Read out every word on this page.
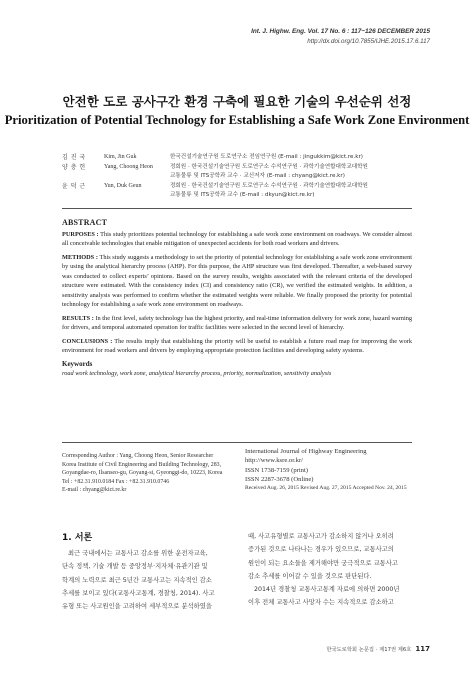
Int. J. Highw. Eng. Vol. 17 No. 6 : 117~126 DECEMBER 2015
http://dx.doi.org/10.7855/IJHE.2015.17.6.117
안전한 도로 공사구간 환경 구축에 필요한 기술의 우선순위 선정
Prioritization of Potential Technology for Establishing a Safe Work Zone Environment
김 진 국	Kim, Jin Guk	한국건설기술연구원 도로연구소 전임연구원 (E-mail : jingukkim@kict.re.kr)
양 충 헌	Yang, Choong Heon	정회원 · 한국건설기술연구원 도로연구소 수석연구원 · 과학기술연합대학교대학원
교통물류 및 ITS공학과 교수 · 교신저자 (E-mail : chyang@kict.re.kr)
윤 덕 근	Yun, Duk Geun	정회원 · 한국건설기술연구원 도로연구소 수석연구원 · 과학기술연합대학교대학원
교통물류 및 ITS공학과 교수 (E-mail : dkyun@kict.re.kr)
ABSTRACT

PURPOSES : This study prioritizes potential technology for establishing a safe work zone environment on roadways. We consider almost all conceivable technologies that enable mitigation of unexpected accidents for both road workers and drivers.

METHODS : This study suggests a methodology to set the priority of potential technology for establishing a safe work zone environment by using the analytical hierarchy process (AHP). For this purpose, the AHP structure was first developed. Thereafter, a web-based survey was conducted to collect experts’ opinions. Based on the survey results, weights associated with the relevant criteria of the developed structure were estimated. With the consistency index (CI) and consistency ratio (CR), we verified the estimated weights. In addition, a sensitivity analysis was performed to confirm whether the estimated weights were reliable. We finally proposed the priority for potential technology for establishing a safe work zone environment on roadways.

RESULTS : In the first level, safety technology has the highest priority, and real-time information delivery for work zone, hazard warning for drivers, and temporal automated operation for traffic facilities were selected in the second level of hierarchy.

CONCLUSIONS : The results imply that establishing the priority will be useful to establish a future road map for improving the work environment for road workers and drivers by employing appropriate protection facilities and developing safety systems.

Keywords
road work technology, work zone, analytical hierarchy process, priority, normalization, sensitivity analysis
Corresponding Author : Yang, Choong Heon, Senior Researcher
Korea Institute of Civil Engineering and Building Technology, 283,
Goyangdae-ro, Ilsanseo-gu, Goyang-si, Gyeonggi-do, 10223, Korea
Tel : +82.31.910.0184 Fax : +82.31.910.0746
E-mail : chyang@kict.re.kr
International Journal of Highway Engineering
http://www.ksre.or.kr/
ISSN 1738-7159 (print)
ISSN 2287-3678 (Online)
Received Aug. 26, 2015 Revised Aug. 27, 2015 Accepted Nov. 24, 2015
1. 서론
최근 국내에서는 교통사고 감소를 위한 운전자교육,
단속 정책, 기술 개발 등 중앙정부·지자체·유관기관 및
학계의 노력으로 최근 5년간 교통사고는 지속적인 감소
추세를 보이고 있다(교통사고통계, 경찰청, 2014). 사고
유형 또는 사고원인을 고려하여 세부적으로 분석하였을
때, 사고유형별로 교통사고가 감소하지 않거나 오히려
증가된 것으로 나타나는 경우가 있으므로, 교통사고의
원인이 되는 요소들을 제거해야만 궁극적으로 교통사고
감소 추세를 이어갈 수 있을 것으로 판단된다.
2014년 경찰청 교통사고통계 자료에 의하면 2000년
이후 전체 교통사고 사망자 수는 지속적으로 감소하고
한국도로학회 논문집 · 제17권 제6호 117
